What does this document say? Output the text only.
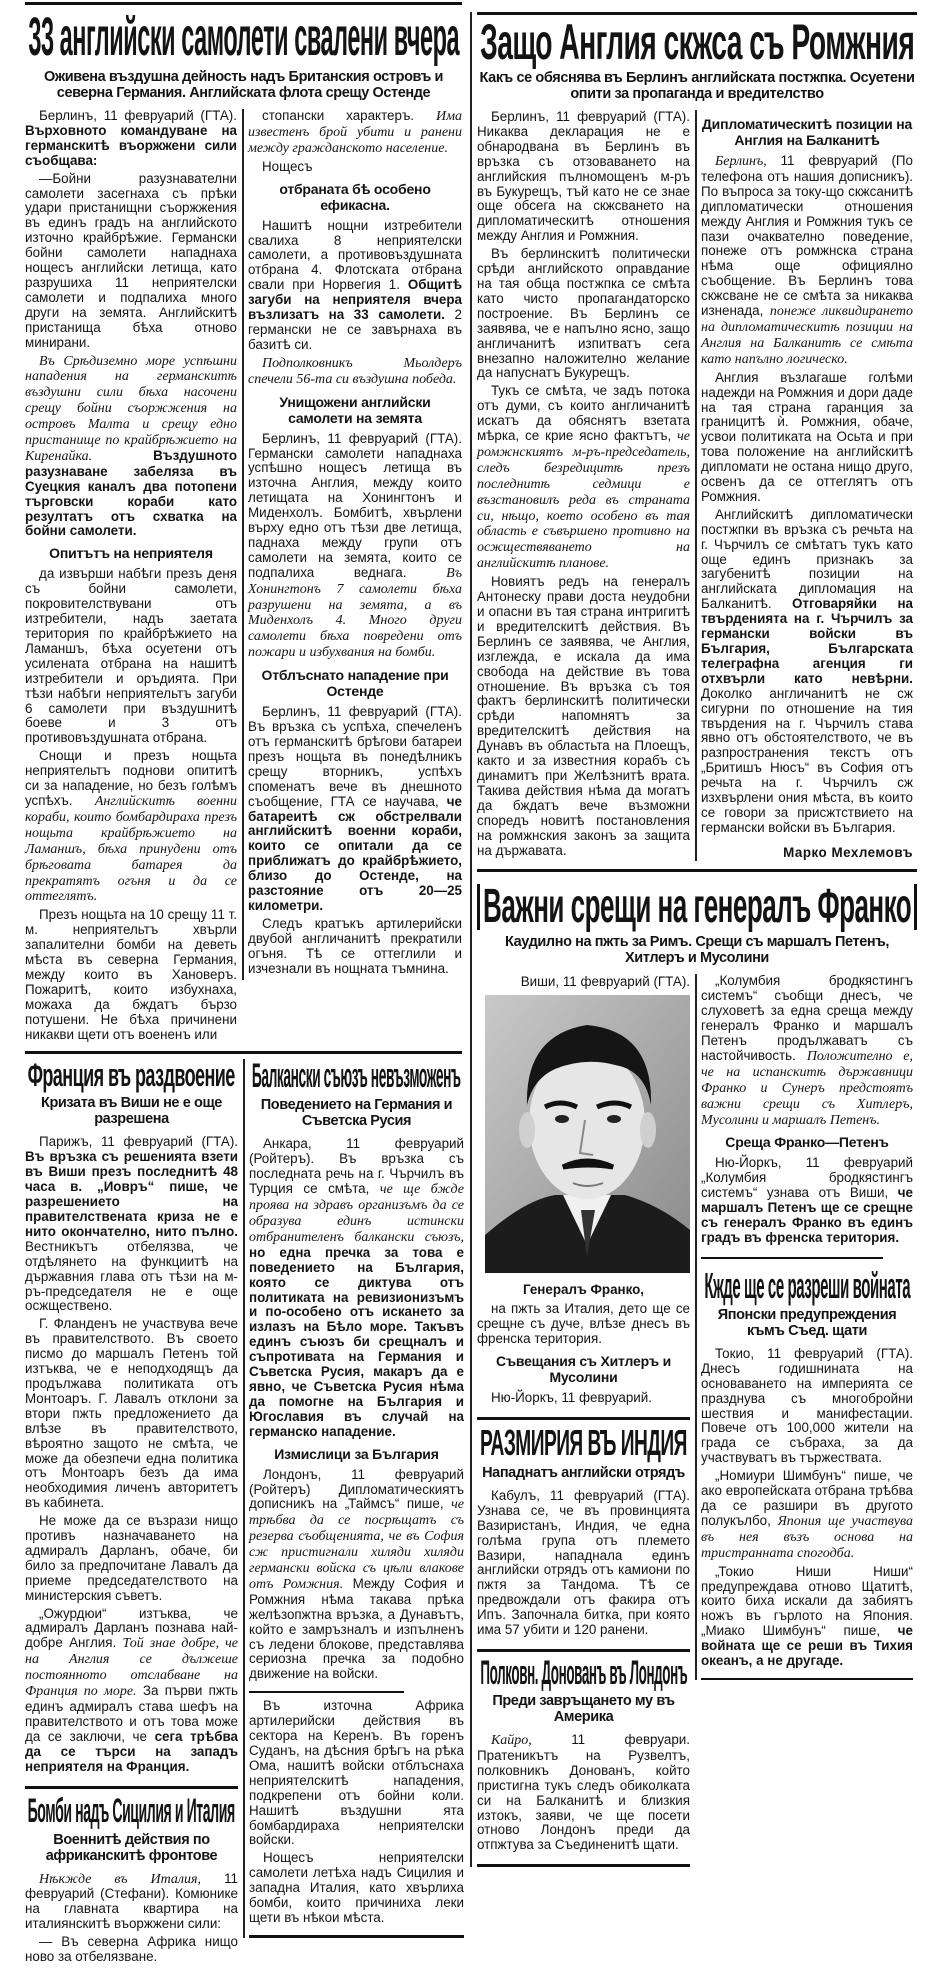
33 английски самолети свалени вчера
Оживена въздушна дейность надъ Британския островъ и северна Германия. Английската флота срещу Остенде

Берлинъ, 11 февруарий (ГТА). Върховното командуване на германскитѣ въоржжени сили съобщава:

—Бойни разузнавателни самолети засегнаха съ прѣки удари пристанищни съоржжения въ единъ градъ на английското източно крайбрѣжие. Германски бойни самолети нападнаха нощесъ английски летища, като разрушиха 11 неприятелски самолети и подпалиха много други на земята. Английскитѣ пристанища бѣха отново минирани.

Въ Срѣдиземно море успѣшни нападения на германскитѣ въздушни сили бѣха насочени срещу бойни съоржжения на островъ Малта и срещу едно пристанище по крайбрѣжието на Киренайка. Въздушното разузнаване забеляза въ Суецкия каналъ два потопени търговски кораби като резултатъ отъ схватка на бойни самолети.

Опитътъ на неприятеля

да извърши набѣги презъ деня съ бойни самолети, покровителствувани отъ изтребители, надъ заетата територия по крайбрѣжието на Ламаншъ, бѣха осуетени отъ усилената отбрана на нашитѣ изтребители и оръдията. При тѣзи набѣги неприятельтъ загуби 6 самолети при въздушнитѣ боеве и 3 отъ противовъздушната отбрана.

Снощи и презъ нощьта неприятельтъ поднови опититѣ си за нападение, но безъ голѣмъ успѣхъ. Английскитѣ военни кораби, които бомбардираха презъ нощьта крайбрѣжието на Ламаншъ, бѣха принудени отъ брѣговата батарея да прекратятъ огъня и да се оттеглятъ.

Презъ нощьта на 10 срещу 11 т. м. неприятельтъ хвърли запалителни бомби на деветь мѣста въ северна Германия, между които въ Хановеръ. Пожаритѣ, които избухнаха, можаха да бждатъ бързо потушени. Не бѣха причинени никакви щети отъ воененъ или

стопански характеръ. Има известенъ брой убити и ранени между гражданското население.

Нощесъ

отбраната бѣ особено ефикасна.

Нашитѣ нощни изтребители свалиха 8 неприятелски самолети, а противовъздушната отбрана 4. Флотската отбрана свали при Норвегия 1. Общитѣ загуби на неприятеля вчера възлизатъ на 33 самолети. 2 германски не се завърнаха въ базитѣ си.

Подполковникъ Мьолдеръ спечели 56-та си въздушна победа.

Унищожени английски самолети на земята

Берлинъ, 11 февруарий (ГТА). Германски самолети нападнаха успѣшно нощесъ летища въ източна Англия, между които летищата на Хонингтонъ и Миденхолъ. Бомбитѣ, хвърлени върху едно отъ тѣзи две летища, паднаха между групи отъ самолети на земята, които се подпалиха веднага. Въ Хонингтонъ 7 самолети бѣха разрушени на земята, а въ Миденхолъ 4. Много други самолети бѣха повредени отъ пожари и избухвания на бомби.

Отблъснато нападение при Остенде

Берлинъ, 11 февруарий (ГТА). Въ връзка съ успѣха, спечеленъ отъ германскитѣ брѣгови батареи презъ нощьта въ понедѣлникъ срещу вторникъ, успѣхъ споменатъ вече въ днешното съобщение, ГТА се научава, че батареитѣ сж обстрелвали английскитѣ военни кораби, които се опитали да се приближатъ до крайбрѣжието, близо до Остенде, на разстояние отъ 20—25 километри.

Следъ кратъкъ артилерийски двубой англичанитѣ прекратили огъня. Тѣ се оттеглили и изчезнали въ нощната тъмнина.

Франция въ раздвоение
Кризата въ Виши не е още разрешена

Парижъ, 11 февруарий (ГТА). Въ връзка съ решенията взети въ Виши презъ последнитѣ 48 часа в. „Иовръ“ пише, че разрешението на правителствената криза не е нито окончателно, нито пълно. Вестникътъ отбелязва, че отдѣлянето на функциитѣ на държавния глава отъ тѣзи на м-ръ-председателя не е още осжществено.

Г. Фланденъ не участвува вече въ правителството. Въ своето писмо до маршалъ Петенъ той изтъква, че е неподходящъ да продължава политиката отъ Монтоаръ. Г. Лавалъ отклони за втори пжть предложението да влѣзе въ правителството, вѣроятно защото не смѣта, че може да обезпечи една политика отъ Монтоаръ безъ да има необходимия личенъ авторитетъ въ кабинета.

Не може да се възрази нищо противъ назначаването на адмиралъ Дарланъ, обаче, би било за предпочитане Лавалъ да приеме председателството на министерския съветъ.

„Ожурдюи“ изтъква, че адмиралъ Дарланъ познава най-добре Англия. Той знае добре, че на Англия се дължеше постоянното отслабване на Франция по море. За първи пжть единъ адмиралъ става шефъ на правителството и отъ това може да се заключи, че сега трѣбва да се търси на западъ неприятеля на Франция.

Бомби надъ Сицилия и Италия
Военнитѣ действия по африканскитѣ фронтове

Нѣкжде въ Италия, 11 февруарий (Стефани). Комюнике на главната квартира на италиянскитѣ въоржжени сили:

— Въ северна Африка нищо ново за отбелязване.

Балкански съюзъ невъзможенъ
Поведението на Германия и Съветска Русия

Анкара, 11 февруарий (Ройтеръ). Въ връзка съ последната речь на г. Чърчилъ въ Турция се смѣта, че ще бжде проява на здравъ организъмъ да се образува единъ истински отбранителенъ балкански съюзъ, но една пречка за това е поведението на България, която се диктува отъ политиката на ревизионизъмъ и по-особено отъ искането за излазъ на Бѣло море. Такъвъ единъ съюзъ би срещналъ и съпротивата на Германия и Съветска Русия, макаръ да е явно, че Съветска Русия нѣма да помогне на България и Югославия въ случай на германско нападение.

Измислици за България

Лондонъ, 11 февруарий (Ройтеръ) Дипломатическиятъ дописникъ на „Таймсъ“ пише, че трѣбва да се посрѣщатъ съ резерва съобщенията, че въ София сж пристигнали хиляди хиляди германски войска съ цѣли влакове отъ Ромжния. Между София и Ромжния нѣма такава прѣка желѣзопжтна връзка, а Дунавътъ, който е замръзналъ и изпълненъ съ ледени блокове, представлява сериозна пречка за подобно движение на войски.

Въ източна Африка артилерийски действия въ сектора на Керенъ. Въ горенъ Суданъ, на дѣсния брѣгъ на рѣка Ома, нашитѣ войски отблъснаха неприятелскитѣ нападения, подкрепени отъ бойни коли. Нашитѣ въздушни ята бомбардираха неприятелски войски.

Нощесъ неприятелски самолети летѣха надъ Сицилия и западна Италия, като хвърлиха бомби, които причиниха леки щети въ нѣкои мѣста.

Защо Англия скжса съ Ромжния
Какъ се обяснява въ Берлинъ английската постжпка. Осуетени опити за пропаганда и вредителство

Берлинъ, 11 февруарий (ГТА). Никаква декларация не е обнародвана въ Берлинъ въ връзка съ отзоваването на английския пълномощенъ м-ръ въ Букурещъ, тъй като не се знае още обсега на скжсването на дипломатическитѣ отношения между Англия и Ромжния.

Въ берлинскитѣ политически срѣди английското оправдание на тая обща постжпка се смѣта като чисто пропагандаторско построение. Въ Берлинъ се заявява, че е напълно ясно, защо англичанитѣ изпитватъ сега внезапно наложително желание да напуснатъ Букурещъ.

Тукъ се смѣта, че задъ потока отъ думи, съ които англичанитѣ искатъ да обяснятъ взетата мѣрка, се крие ясно фактътъ, че ромжнскиятъ м-ръ-председатель, следъ безредицитѣ презъ последнитѣ седмици е възстановилъ реда въ страната си, нѣщо, което особено въ тая область е съвършено противно на осжществяването на английскитѣ планове.

Новиятъ редъ на генералъ Антонеску прави доста неудобни и опасни въ тая страна интригитѣ и вредителскитѣ действия. Въ Берлинъ се заявява, че Англия, изглежда, е искала да има свобода на действие въ това отношение. Въ връзка съ тоя фактъ берлинскитѣ политически срѣди напомнятъ за вредителскитѣ действия на Дунавъ въ областьта на Плоещъ, както и за известния корабъ съ динамитъ при Желѣзнитѣ врата. Такива действия нѣма да могатъ да бждатъ вече възможни споредъ новитѣ постановления на ромжнския законъ за защита на държавата.

Дипломатическитѣ позиции на Англия на Балканитѣ

Берлинъ, 11 февруарий (По телефона отъ нашия дописникъ). По въпроса за току-що скжсанитѣ дипломатически отношения между Англия и Ромжния тукъ се пази очаквателно поведение, понеже отъ ромжнска страна нѣма още официялно съобщение. Въ Берлинъ това скжсване не се смѣта за никаква изненада, понеже ликвидирането на дипломатическитѣ позиции на Англия на Балканитѣ се смѣта като напълно логическо.

Англия възлагаше голѣми надежди на Ромжния и дори даде на тая страна гаранция за границитѣ ѝ. Ромжния, обаче, усвои политиката на Осьта и при това положение на английскитѣ дипломати не остана нищо друго, освенъ да се оттеглятъ отъ Ромжния.

Английскитѣ дипломатически постжпки въ връзка съ речьта на г. Чърчилъ се смѣтатъ тукъ като още единъ признакъ за загубенитѣ позиции на английската дипломация на Балканитѣ. Отговаряйки на твърденията на г. Чърчилъ за германски войски въ България, Българската телеграфна агенция ги отхвърли като невѣрни. Доколко англичанитѣ не сж сигурни по отношение на тия твърдения на г. Чърчилъ става явно отъ обстоятелството, че въ разпространения текстъ отъ „Бритишъ Нюсъ“ въ София отъ речьта на г. Чърчилъ сж изхвърлени ония мѣста, въ които се говори за присжтствието на германски войски въ България.

Марко Мехлемовъ
Важни срещи на генералъ Франко
Каудилно на пжть за Римъ. Срещи съ маршалъ Петенъ, Хитлеръ и Мусолини
Виши, 11 февруарий (ГТА).
Генералъ Франко,

на пжть за Италия, дето ще се срещне съ дуче, влѣзе днесъ въ френска територия.

Съвещания съ Хитлеръ и Мусолини

Ню-Йоркъ, 11 февруарий.

РАЗМИРИЯ ВЪ ИНДИЯ
Нападнатъ английски отрядъ

Кабулъ, 11 февруарий (ГТА). Узнава се, че въ провинцията Вазиристанъ, Индия, че една голѣма група отъ племето Вазири, нападнала единъ английски отрядъ отъ камиони по пжтя за Тандома. Тѣ се предвождали отъ факира отъ Ипъ. Започнала битка, при която има 57 убити и 120 ранени.

Полковн. Донованъ въ Лондонъ
Преди завръщането му въ Америка

Кайро, 11 февруари. Пратеникътъ на Рузвелтъ, полковникъ Донованъ, който пристигна тукъ следъ обиколката си на Балканитѣ и близкия изтокъ, заяви, че ще посети отново Лондонъ преди да отпжтува за Съединенитѣ щати.

„Колумбия бродкястингъ системъ“ съобщи днесъ, че слуховетѣ за една среща между генералъ Франко и маршалъ Петенъ продължаватъ съ настойчивость. Положително е, че на испанскитѣ държавници Франко и Сунеръ предстоятъ важни срещи съ Хитлеръ, Мусолини и маршалъ Петенъ.

Среща Франко—Петенъ

Ню-Йоркъ, 11 февруарий „Колумбия бродкястингъ системъ“ узнава отъ Виши, че маршалъ Петенъ ще се срещне съ генералъ Франко въ единъ градъ въ френска територия.

Кжде ще се разреши войната
Японски предупреждения къмъ Съед. щати

Токио, 11 февруарий (ГТА). Днесъ годишнината на основаването на империята се празднува съ многобройни шествия и манифестации. Повече отъ 100,000 жители на града се събраха, за да участвуватъ въ тържествата.

„Номиури Шимбунъ“ пише, че ако европейската отбрана трѣбва да се разшири въ другото полукълбо, Япония ще участвува въ нея възъ основа на тристранната спогодба.

„Токио Ниши Ниши“ предупреждава отново Щатитѣ, които биха искали да забиятъ ножъ въ гърлото на Япония. „Миако Шимбунъ“ пише, че войната ще се реши въ Тихия океанъ, а не другаде.
